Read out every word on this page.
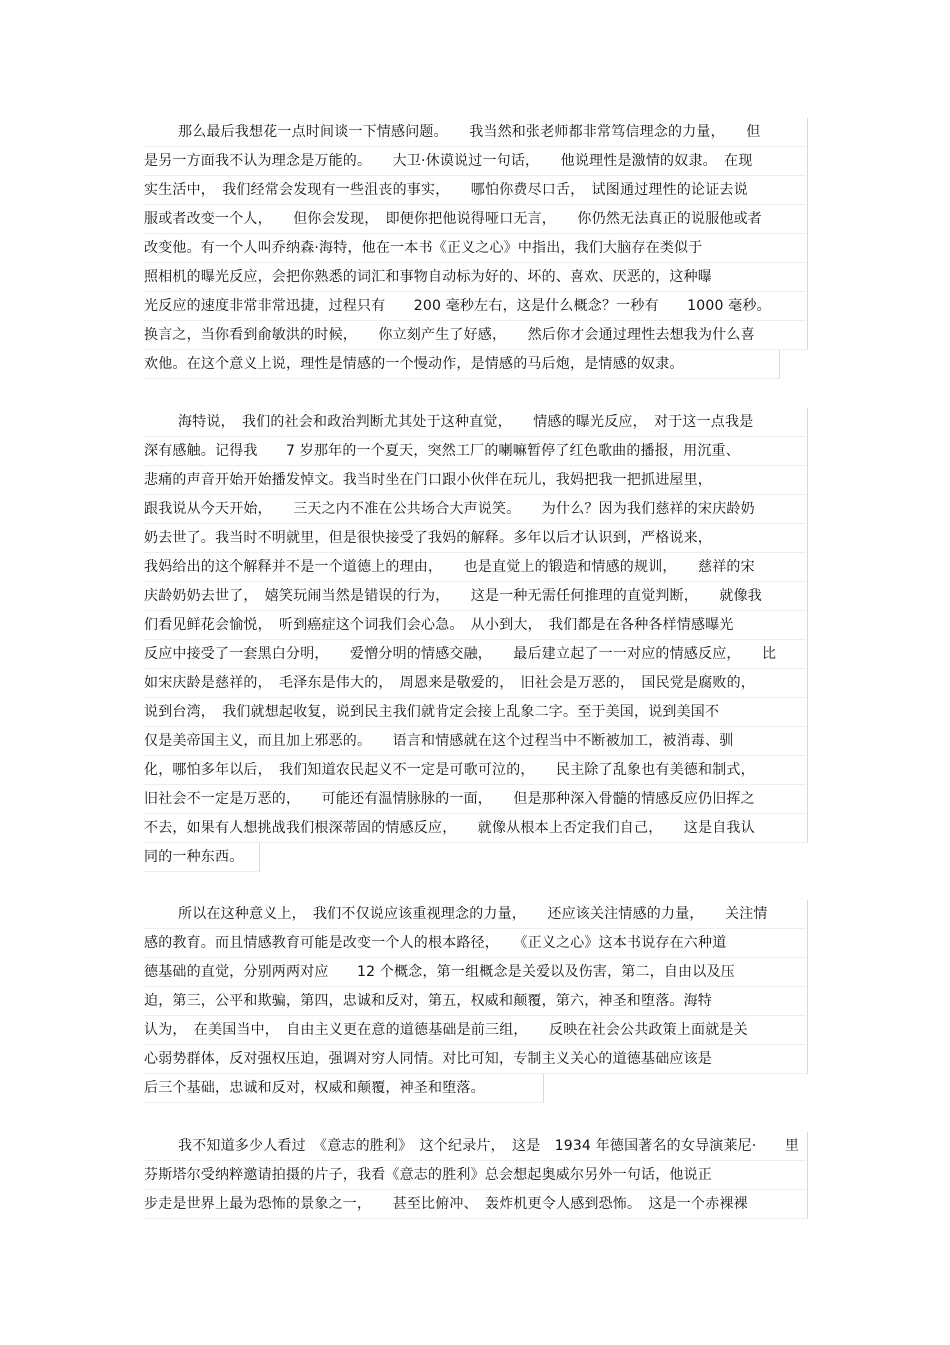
那么最后我想花一点时间谈一下情感问题。　　我当然和张老师都非常笃信理念的力量，　　但
是另一方面我不认为理念是万能的。　　大卫·休谟说过一句话，　　他说理性是激情的奴隶。　在现
实生活中，　我们经常会发现有一些沮丧的事实，　　哪怕你费尽口舌，　试图通过理性的论证去说
服或者改变一个人，　　但你会发现，　即便你把他说得哑口无言，　　你仍然无法真正的说服他或者
改变他。有一个人叫乔纳森·海特，他在一本书《正义之心》中指出，我们大脑存在类似于
照相机的曝光反应，会把你熟悉的词汇和事物自动标为好的、坏的、喜欢、厌恶的，这种曝
光反应的速度非常非常迅捷，过程只有　　200 毫秒左右，这是什么概念？一秒有　　1000 毫秒。
换言之，当你看到俞敏洪的时候，　　你立刻产生了好感，　　然后你才会通过理性去想我为什么喜
欢他。在这个意义上说，理性是情感的一个慢动作，是情感的马后炮，是情感的奴隶。
海特说，　我们的社会和政治判断尤其处于这种直觉，　　情感的曝光反应，　对于这一点我是
深有感触。记得我　　7 岁那年的一个夏天，突然工厂的喇嘛暂停了红色歌曲的播报，用沉重、
悲痛的声音开始开始播发悼文。我当时坐在门口跟小伙伴在玩儿，我妈把我一把抓进屋里，
跟我说从今天开始，　　三天之内不准在公共场合大声说笑。　　为什么？因为我们慈祥的宋庆龄奶
奶去世了。我当时不明就里，但是很快接受了我妈的解释。多年以后才认识到，严格说来，
我妈给出的这个解释并不是一个道德上的理由，　　也是直觉上的锻造和情感的规训，　　慈祥的宋
庆龄奶奶去世了，　嬉笑玩闹当然是错误的行为，　　这是一种无需任何推理的直觉判断，　　就像我
们看见鲜花会愉悦，　听到癌症这个词我们会心急。　从小到大，　我们都是在各种各样情感曝光
反应中接受了一套黑白分明，　　爱憎分明的情感交融，　　最后建立起了一一对应的情感反应，　　比
如宋庆龄是慈祥的，　毛泽东是伟大的，　周恩来是敬爱的，　旧社会是万恶的，　国民党是腐败的，
说到台湾，　我们就想起收复，说到民主我们就肯定会接上乱象二字。至于美国，说到美国不
仅是美帝国主义，而且加上邪恶的。　　语言和情感就在这个过程当中不断被加工，被消毒、驯
化，哪怕多年以后，　我们知道农民起义不一定是可歌可泣的，　　民主除了乱象也有美德和制式，
旧社会不一定是万恶的，　　可能还有温情脉脉的一面，　　但是那种深入骨髓的情感反应仍旧挥之
不去，如果有人想挑战我们根深蒂固的情感反应，　　就像从根本上否定我们自己，　　这是自我认
同的一种东西。
所以在这种意义上，　我们不仅说应该重视理念的力量，　　还应该关注情感的力量，　　关注情
感的教育。而且情感教育可能是改变一个人的根本路径，　　《正义之心》这本书说存在六种道
德基础的直觉，分别两两对应　　12 个概念，第一组概念是关爱以及伤害，第二，自由以及压
迫，第三，公平和欺骗，第四，忠诚和反对，第五，权威和颠覆，第六，神圣和堕落。海特
认为，　在美国当中，　自由主义更在意的道德基础是前三组，　　反映在社会公共政策上面就是关
心弱势群体，反对强权压迫，强调对穷人同情。对比可知，专制主义关心的道德基础应该是
后三个基础，忠诚和反对，权威和颠覆，神圣和堕落。
我不知道多少人看过　《意志的胜利》　这个纪录片，　这是　1934 年德国著名的女导演莱尼·　　里
芬斯塔尔受纳粹邀请拍摄的片子，我看《意志的胜利》总会想起奥威尔另外一句话，他说正
步走是世界上最为恐怖的景象之一，　　甚至比俯冲、　轰炸机更令人感到恐怖。　这是一个赤裸裸
